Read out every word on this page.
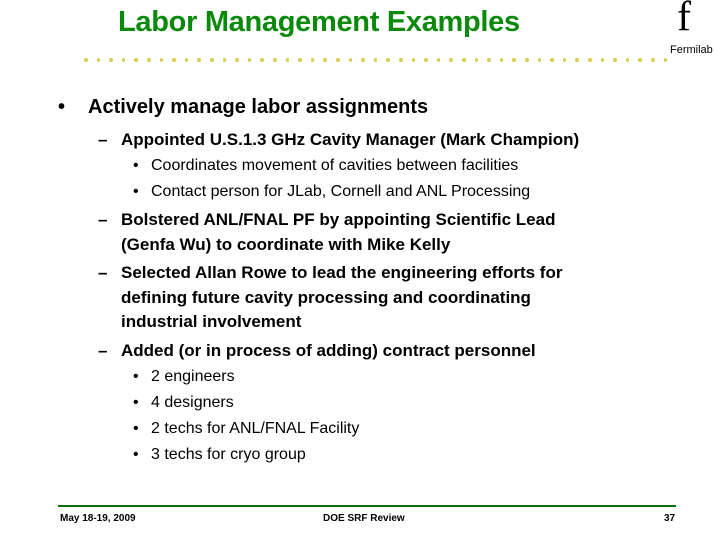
Labor Management Examples	f
Fermilab
• Actively manage labor assignments
– Appointed U.S.1.3 GHz Cavity Manager (Mark Champion)
• Coordinates movement of cavities between facilities
• Contact person for JLab, Cornell and ANL Processing
– Bolstered ANL/FNAL PF by appointing Scientific Lead
(Genfa Wu) to coordinate with Mike Kelly
– Selected Allan Rowe to lead the engineering efforts for
defining future cavity processing and coordinating
industrial involvement
– Added (or in process of adding) contract personnel
• 2 engineers
• 4 designers
• 2 techs for ANL/FNAL Facility
• 3 techs for cryo group
May 18-19, 2009	DOE SRF Review	37
